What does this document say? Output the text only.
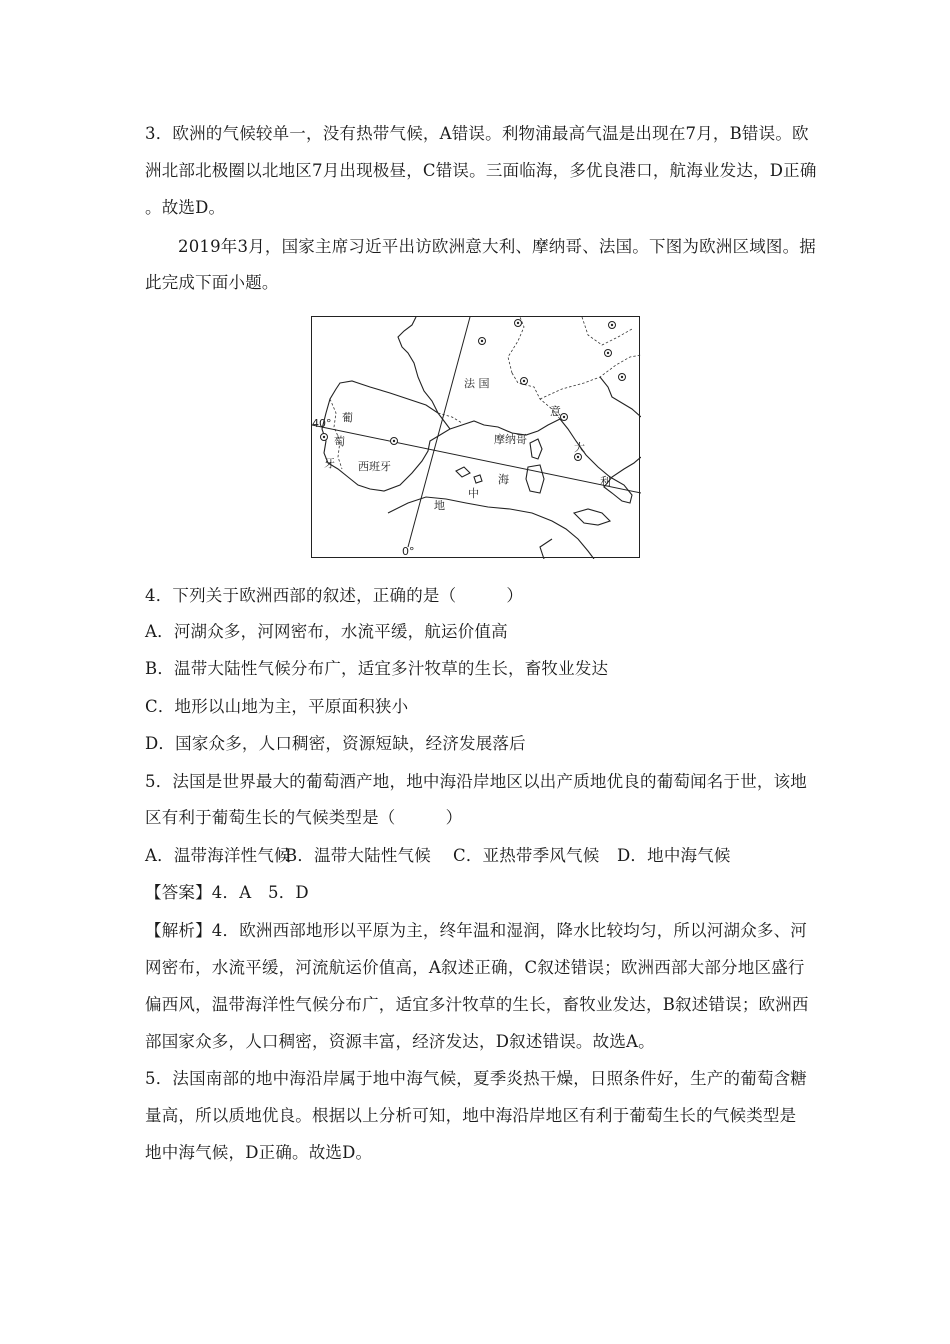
3．欧洲的气候较单一，没有热带气候，A错误。利物浦最高气温是出现在7月，B错误。欧
洲北部北极圈以北地区7月出现极昼，C错误。三面临海，多优良港口，航海业发达，D正确
。故选D。
2019年3月，国家主席习近平出访欧洲意大利、摩纳哥、法国。下图为欧洲区域图。据
此完成下面小题。
法 国
意
大
利
摩纳哥
西班牙
葡
萄
牙
地
中
海
40°
0°
4．下列关于欧洲西部的叙述，正确的是（　　　）
A．河湖众多，河网密布，水流平缓，航运价值高
B．温带大陆性气候分布广，适宜多汁牧草的生长，畜牧业发达
C．地形以山地为主，平原面积狭小
D．国家众多，人口稠密，资源短缺，经济发展落后
5．法国是世界最大的葡萄酒产地，地中海沿岸地区以出产质地优良的葡萄闻名于世，该地
区有利于葡萄生长的气候类型是（　　　）
A．温带海洋性气候B．温带大陆性气候 C．亚热带季风气候 D．地中海气候
【答案】4．A　5．D
【解析】4．欧洲西部地形以平原为主，终年温和湿润，降水比较均匀，所以河湖众多、河
网密布，水流平缓，河流航运价值高，A叙述正确，C叙述错误；欧洲西部大部分地区盛行
偏西风，温带海洋性气候分布广，适宜多汁牧草的生长，畜牧业发达，B叙述错误；欧洲西
部国家众多，人口稠密，资源丰富，经济发达，D叙述错误。故选A。
5．法国南部的地中海沿岸属于地中海气候，夏季炎热干燥，日照条件好，生产的葡萄含糖
量高，所以质地优良。根据以上分析可知，地中海沿岸地区有利于葡萄生长的气候类型是
地中海气候，D正确。故选D。
